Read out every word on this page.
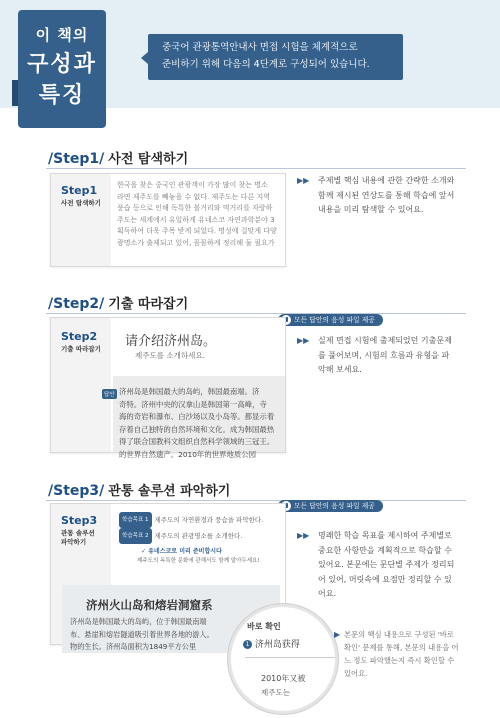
이 책의
구성과
특징
중국어 관광통역안내사 면접 시험을 체계적으로
준비하기 위해 다음의 4단계로 구성되어 있습니다.
/Step1/ 사전 탐색하기
Step1
사전 탐색하기
한국을 찾은 중국인 관광객이 가장 많이 찾는 명소
라면 제주도를 빼놓을 수 없다. 제주도는 다른 지역
풍습 등으로 인해 독특한 볼거리와 먹거리를 자랑하
주도는 세계에서 유일하게 유네스코 자연과학분야 3
획득하여 더욱 주목 받게 되었다. 명성에 걸맞게 다양
광명소가 출제되고 있어, 꼼꼼하게 정리해 둘 필요가
▶▶ 주제별 핵심 내용에 관한 간략한 소개와
함께 제시된 연상도를 통해 학습에 앞서
내용을 미리 탐색할 수 있어요.
/Step2/ 기출 따라잡기
모든 답안의 음성 파일 제공
Step2
기출 따라잡기 请介绍济州岛。
제주도를 소개하세요.
답안 济州岛是韩国最大的岛屿，韩国最南端。济
奇特。济州中央的汉拿山是韩国第一高峰，寺
海的奇岩和瀑布、白沙场以及小岛等。都显示着
存着自己独特的自然环境和文化。成为韩国最热
得了联合国教科文组织自然科学领域的三冠王。
的世界自然遗产。2010年的世界地质公园
▶▶ 실제 면접 시험에 출제되었던 기출문제
를 풀어보며, 시험의 흐름과 유형을 파
악해 보세요.
/Step3/ 관통 솔루션 파악하기
모든 답안의 음성 파일 제공
Step3
관통 솔루션
파악하기
학습목표 1 제주도의 자연환경과 풍습을 파악한다.
학습목표 2 제주도의 관광명소를 소개한다.
✓ 유네스코로 미리 준비합시다
제주도의 독특한 문화에 관해서도 함께 알아두세요!
济州火山岛和熔岩洞窟系
济州岛是韩国最大的岛屿，位于韩国最南端
布、悬崖和熔岩隧道吸引着世界各地的游人。
物的生长。济州岛面积为1849平方公里
바로 확인
1 济州岛获得
2010年又被
제주도는
▶▶ 명쾌한 학습 목표를 제시하여 주제별로
중요한 사항만을 계획적으로 학습할 수
있어요. 본문에는 문단별 주제가 정리되
어 있어, 머릿속에 요점만 정리할 수 있
어요.
▶ 본문의 핵심 내용으로 구성된 '바로
확인' 문제를 통해, 본문의 내용을 어
느 정도 파악했는지 즉시 확인할 수
있어요.
